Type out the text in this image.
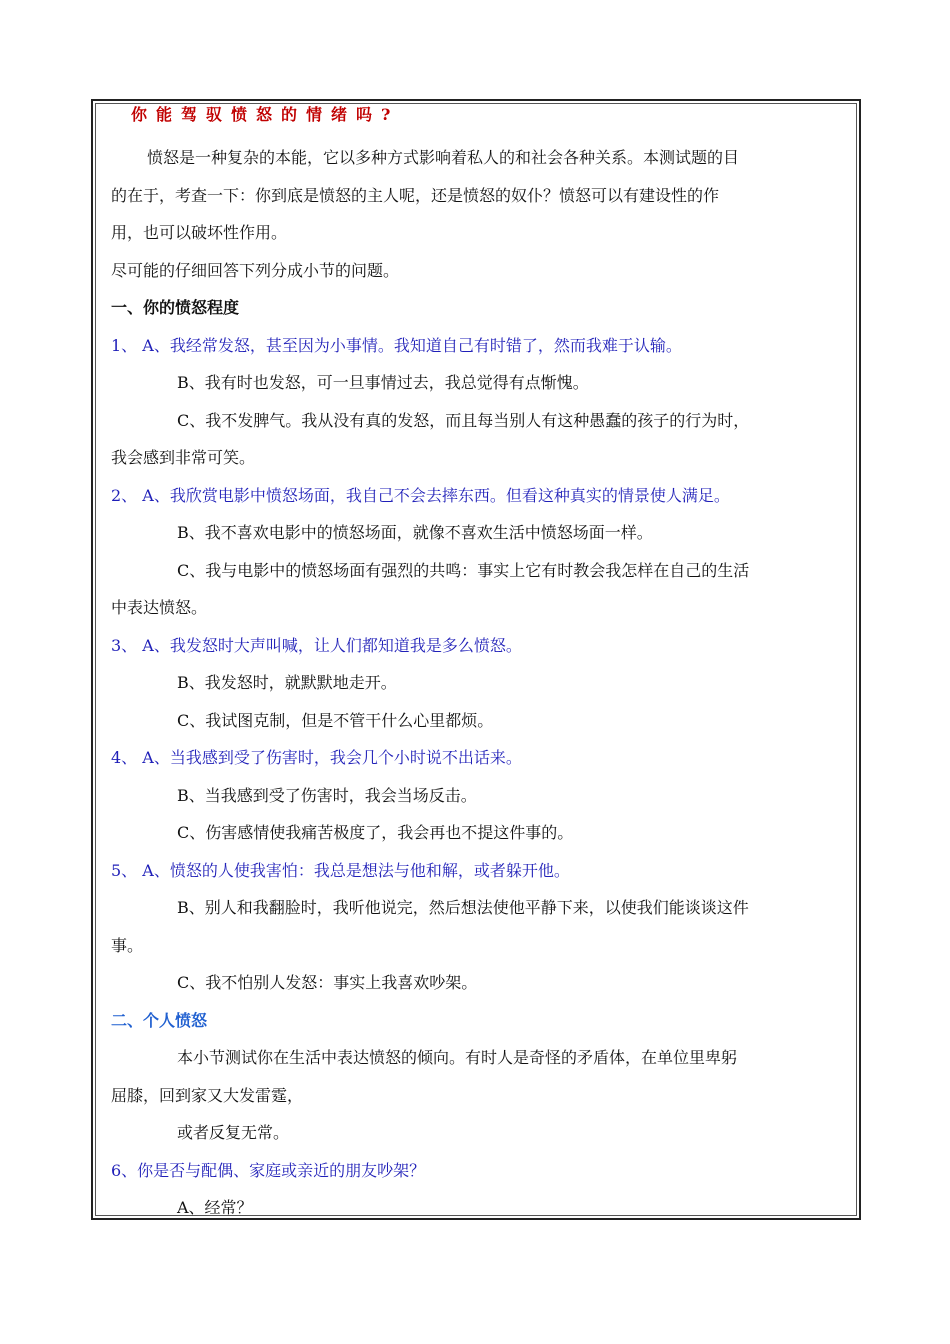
你能驾驭愤怒的情绪吗?
愤怒是一种复杂的本能，它以多种方式影响着私人的和社会各种关系。本测试题的目
的在于，考查一下：你到底是愤怒的主人呢，还是愤怒的奴仆？愤怒可以有建设性的作
用，也可以破坏性作用。
尽可能的仔细回答下列分成小节的问题。
一、你的愤怒程度
1、 A、我经常发怒，甚至因为小事情。我知道自己有时错了，然而我难于认输。
B、我有时也发怒，可一旦事情过去，我总觉得有点惭愧。
C、我不发脾气。我从没有真的发怒，而且每当别人有这种愚蠢的孩子的行为时，
我会感到非常可笑。
2、 A、我欣赏电影中愤怒场面，我自己不会去摔东西。但看这种真实的情景使人满足。
B、我不喜欢电影中的愤怒场面，就像不喜欢生活中愤怒场面一样。
C、我与电影中的愤怒场面有强烈的共鸣：事实上它有时教会我怎样在自己的生活
中表达愤怒。
3、 A、我发怒时大声叫喊，让人们都知道我是多么愤怒。
B、我发怒时，就默默地走开。
C、我试图克制，但是不管干什么心里都烦。
4、 A、当我感到受了伤害时，我会几个小时说不出话来。
B、当我感到受了伤害时，我会当场反击。
C、伤害感情使我痛苦极度了，我会再也不提这件事的。
5、 A、愤怒的人使我害怕：我总是想法与他和解，或者躲开他。
B、别人和我翻脸时，我听他说完，然后想法使他平静下来，以使我们能谈谈这件
事。
C、我不怕别人发怒：事实上我喜欢吵架。
二、个人愤怒
本小节测试你在生活中表达愤怒的倾向。有时人是奇怪的矛盾体，在单位里卑躬
屈膝，回到家又大发雷霆，
或者反复无常。
6、你是否与配偶、家庭或亲近的朋友吵架？
A、经常？
